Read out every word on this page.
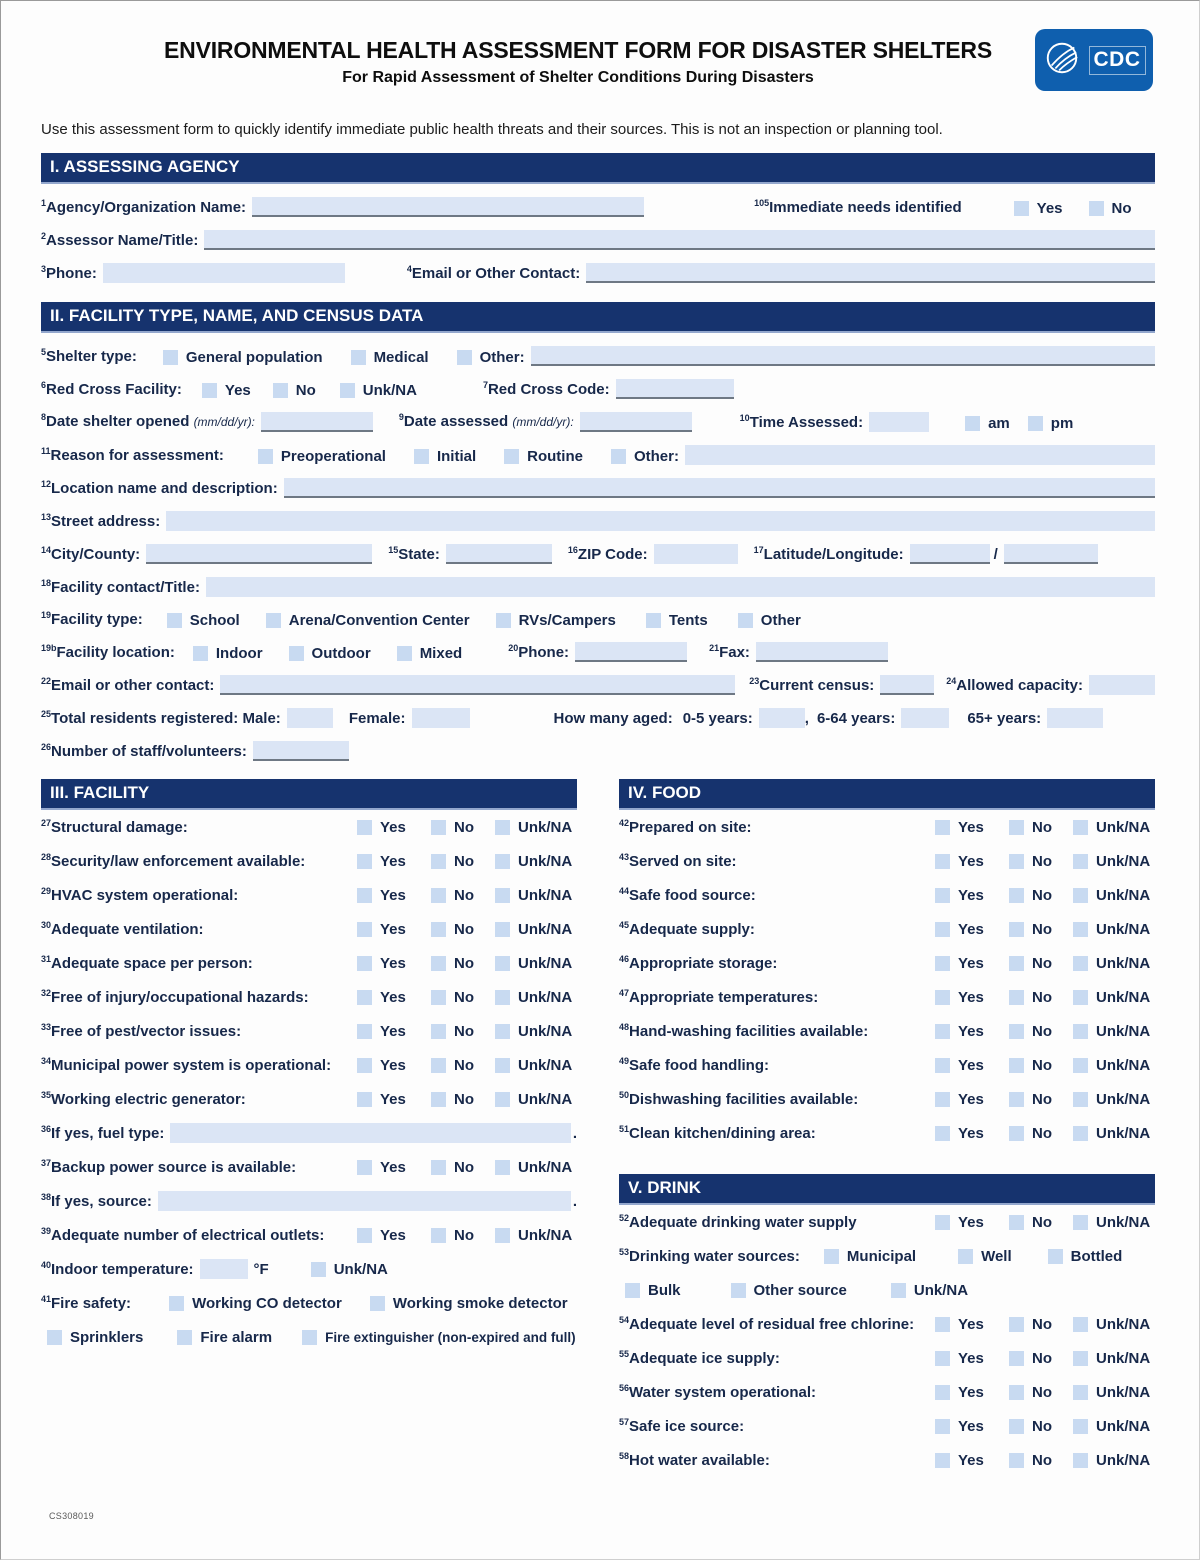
ENVIRONMENTAL HEALTH ASSESSMENT FORM FOR DISASTER SHELTERS
For Rapid Assessment of Shelter Conditions During Disasters
CDC
Use this assessment form to quickly identify immediate public health threats and their sources. This is not an inspection or planning tool.
I. ASSESSING AGENCY
$^1$Agency/Organization Name:	$^{105}$Immediate needs identified	Yes	No
$^2$Assessor Name/Title:
$^3$Phone:	$^4$Email or Other Contact:
II. FACILITY TYPE, NAME, AND CENSUS DATA
$^5$Shelter type:	General population	Medical	Other:
$^6$Red Cross Facility:	Yes	No	Unk/NA	$^7$Red Cross Code:
$^8$Date shelter opened (mm/dd/yr):	$^9$Date assessed (mm/dd/yr):	$^{10}$Time Assessed:	am	pm
$^{11}$Reason for assessment:	Preoperational	Initial	Routine	Other:
$^{12}$Location name and description:
$^{13}$Street address:
$^{14}$City/County:	$^{15}$State:	$^{16}$ZIP Code:	$^{17}$Latitude/Longitude:	/
$^{18}$Facility contact/Title:
$^{19}$Facility type:	School	Arena/Convention Center	RVs/Campers	Tents	Other
$^{19b}$Facility location:	Indoor	Outdoor	Mixed	$^{20}$Phone:	$^{21}$Fax:
$^{22}$Email or other contact:	$^{23}$Current census:	$^{24}$Allowed capacity:
$^{25}$Total residents registered: Male:	Female:	How many aged: 0-5 years:	, 6-64 years:	65+ years:
$^{26}$Number of staff/volunteers:
III. FACILITY
$^{27}$Structural damage:	Yes	No	Unk/NA
$^{28}$Security/law enforcement available:	Yes	No	Unk/NA
$^{29}$HVAC system operational:	Yes	No	Unk/NA
$^{30}$Adequate ventilation:	Yes	No	Unk/NA
$^{31}$Adequate space per person:	Yes	No	Unk/NA
$^{32}$Free of injury/occupational hazards:	Yes	No	Unk/NA
$^{33}$Free of pest/vector issues:	Yes	No	Unk/NA
$^{34}$Municipal power system is operational:	Yes	No	Unk/NA
$^{35}$Working electric generator:	Yes	No	Unk/NA
$^{36}$If yes, fuel type:	.
$^{37}$Backup power source is available:	Yes	No	Unk/NA
$^{38}$If yes, source:	.
$^{39}$Adequate number of electrical outlets:	Yes	No	Unk/NA
$^{40}$Indoor temperature:	°F	Unk/NA
$^{41}$Fire safety:	Working CO detector	Working smoke detector
Sprinklers	Fire alarm	Fire extinguisher (non-expired and full)
IV. FOOD
$^{42}$Prepared on site:	Yes	No	Unk/NA
$^{43}$Served on site:	Yes	No	Unk/NA
$^{44}$Safe food source:	Yes	No	Unk/NA
$^{45}$Adequate supply:	Yes	No	Unk/NA
$^{46}$Appropriate storage:	Yes	No	Unk/NA
$^{47}$Appropriate temperatures:	Yes	No	Unk/NA
$^{48}$Hand-washing facilities available:	Yes	No	Unk/NA
$^{49}$Safe food handling:	Yes	No	Unk/NA
$^{50}$Dishwashing facilities available:	Yes	No	Unk/NA
$^{51}$Clean kitchen/dining area:	Yes	No	Unk/NA
V. DRINK
$^{52}$Adequate drinking water supply	Yes	No	Unk/NA
$^{53}$Drinking water sources:	Municipal	Well	Bottled
Bulk	Other source	Unk/NA
$^{54}$Adequate level of residual free chlorine:	Yes	No	Unk/NA
$^{55}$Adequate ice supply:	Yes	No	Unk/NA
$^{56}$Water system operational:	Yes	No	Unk/NA
$^{57}$Safe ice source:	Yes	No	Unk/NA
$^{58}$Hot water available:	Yes	No	Unk/NA
CS308019
